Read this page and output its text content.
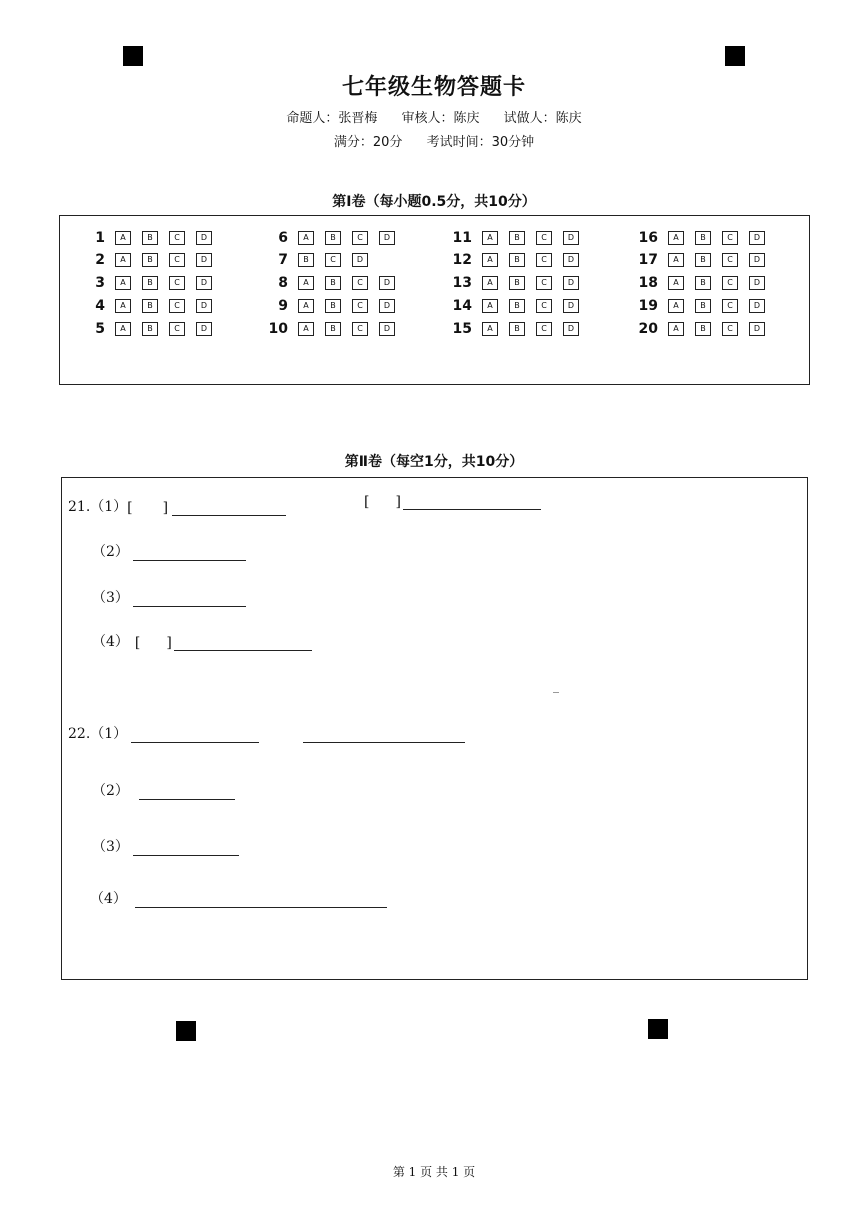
七年级生物答题卡
命题人：张晋梅 审核人：陈庆 试做人：陈庆
满分：20分 考试时间：30分钟
第Ⅰ卷（每小题0.5分，共10分）
第Ⅱ卷（每空1分，共10分）
21.（1） [ ]	[ ]
（2）
（3）
（4） [ ]
22.（1）
（2）
（3）
（4）
第 1 页 共 1 页
1	A	B	C	D
2	A	B	C	D
3	A	B	C	D
4	A	B	C	D
5	A	B	C	D
6	A	B	C	D
7	B	C	D
8	A	B	C	D
9	A	B	C	D
10	A	B	C	D
11	A	B	C	D
12	A	B	C	D
13	A	B	C	D
14	A	B	C	D
15	A	B	C	D
16	A	B	C	D
17	A	B	C	D
18	A	B	C	D
19	A	B	C	D
20	A	B	C	D
